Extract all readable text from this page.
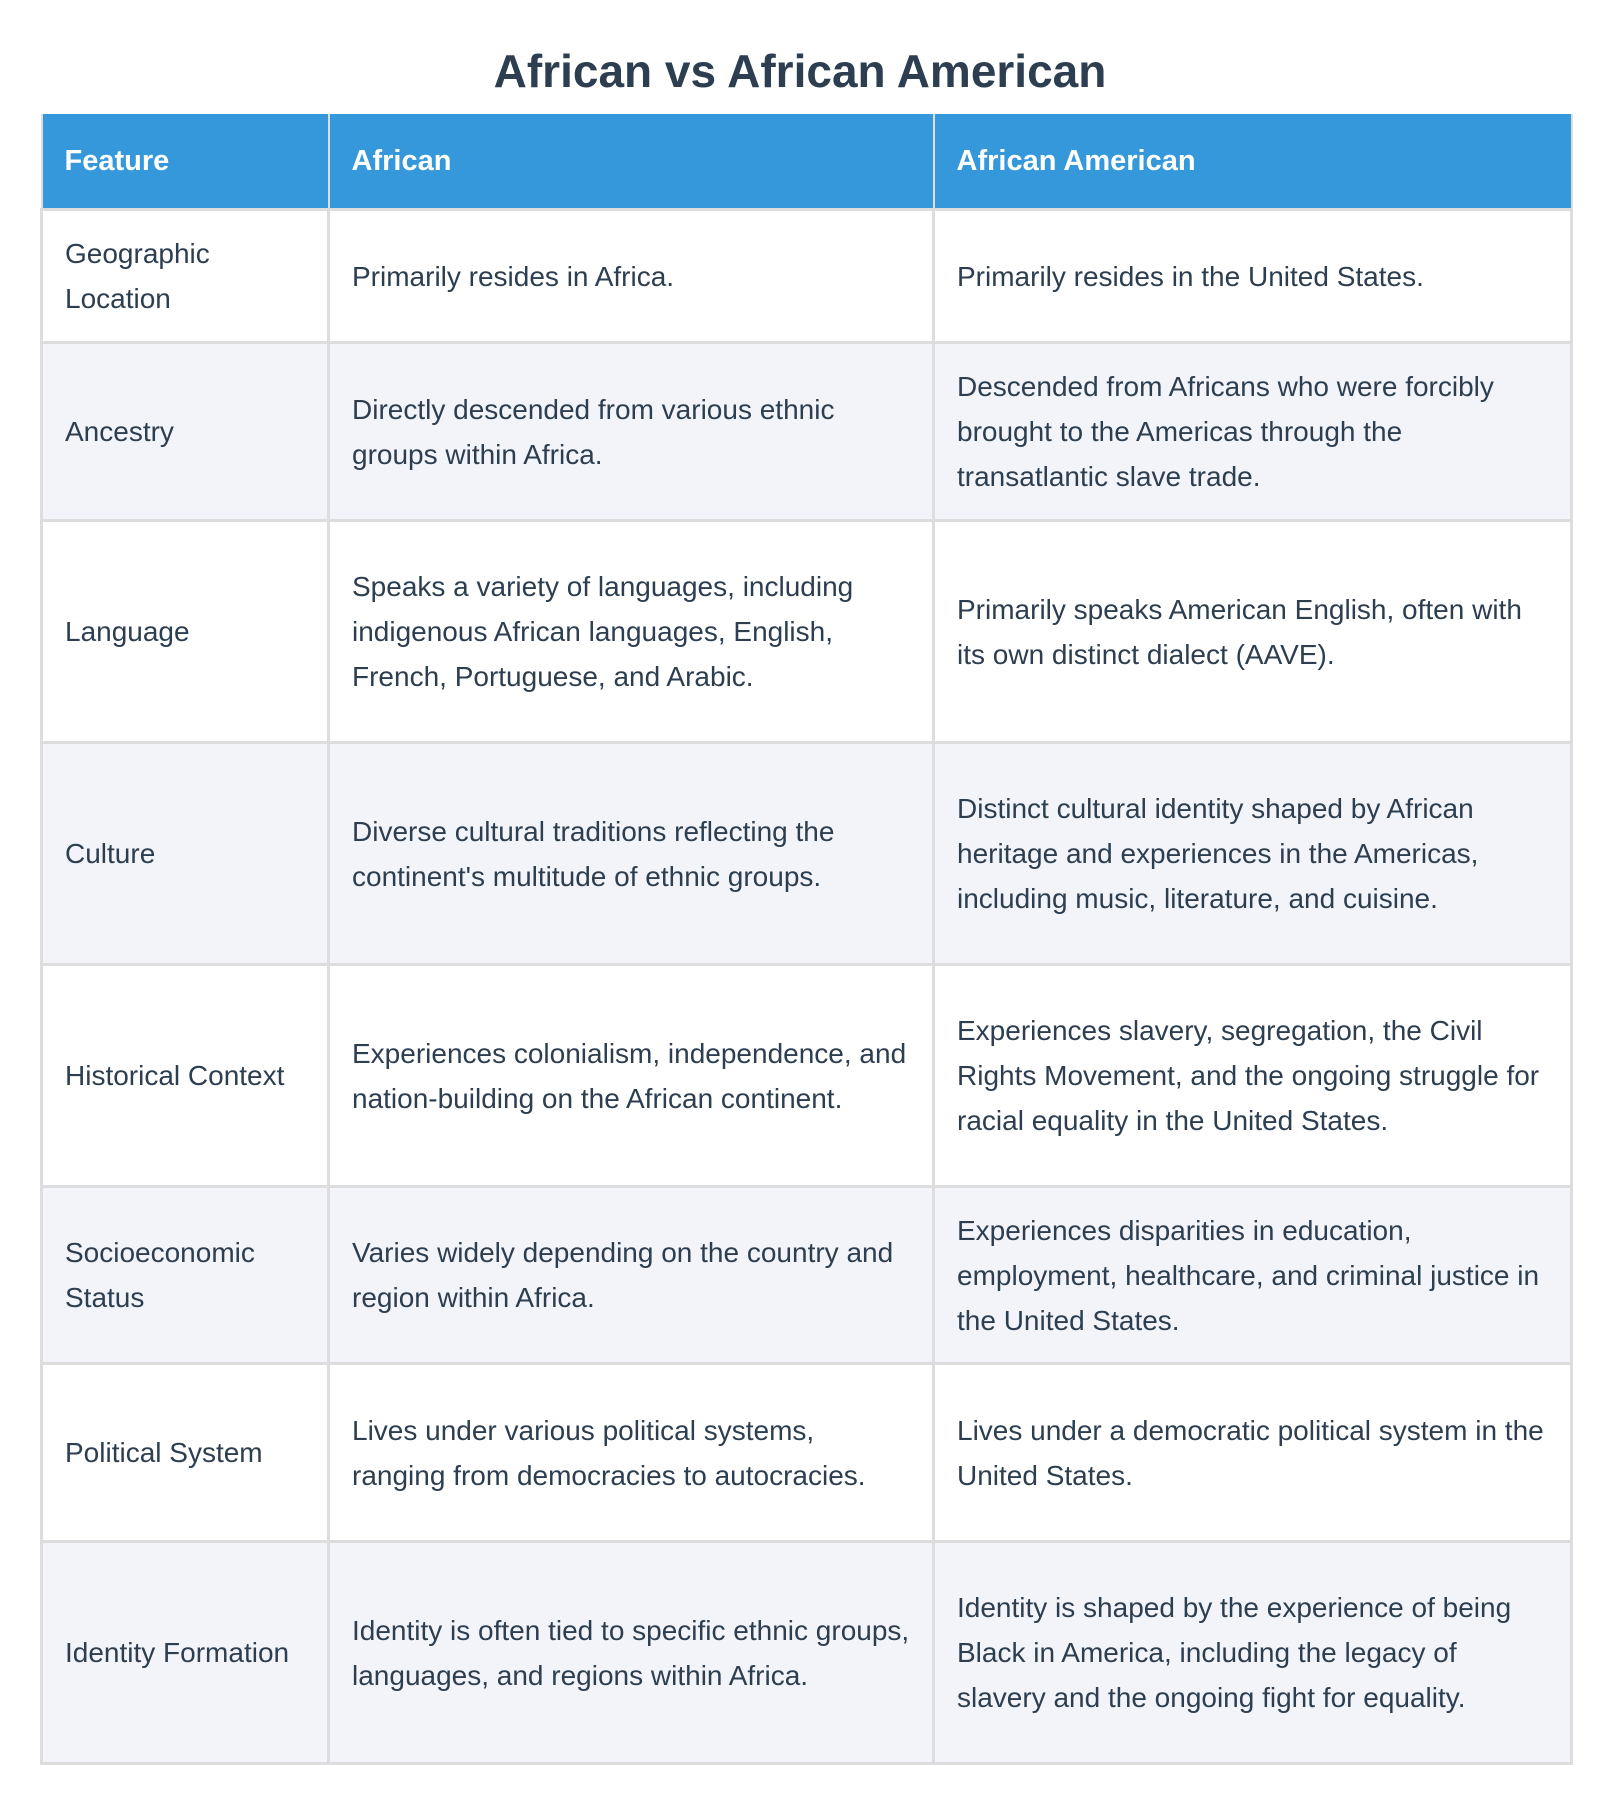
African vs African American
Feature	African	African American
Geographic Location	Primarily resides in Africa.	Primarily resides in the United States.
Ancestry	Directly descended from various ethnic groups within Africa.	Descended from Africans who were forcibly brought to the Americas through the transatlantic slave trade.
Language	Speaks a variety of languages, including indigenous African languages, English, French, Portuguese, and Arabic.	Primarily speaks American English, often with its own distinct dialect (AAVE).
Culture	Diverse cultural traditions reflecting the continent's multitude of ethnic groups.	Distinct cultural identity shaped by African heritage and experiences in the Americas, including music, literature, and cuisine.
Historical Context	Experiences colonialism, independence, and nation-building on the African continent.	Experiences slavery, segregation, the Civil Rights Movement, and the ongoing struggle for racial equality in the United States.
Socioeconomic Status	Varies widely depending on the country and region within Africa.	Experiences disparities in education, employment, healthcare, and criminal justice in the United States.
Political System	Lives under various political systems, ranging from democracies to autocracies.	Lives under a democratic political system in the United States.
Identity Formation	Identity is often tied to specific ethnic groups, languages, and regions within Africa.	Identity is shaped by the experience of being Black in America, including the legacy of slavery and the ongoing fight for equality.
